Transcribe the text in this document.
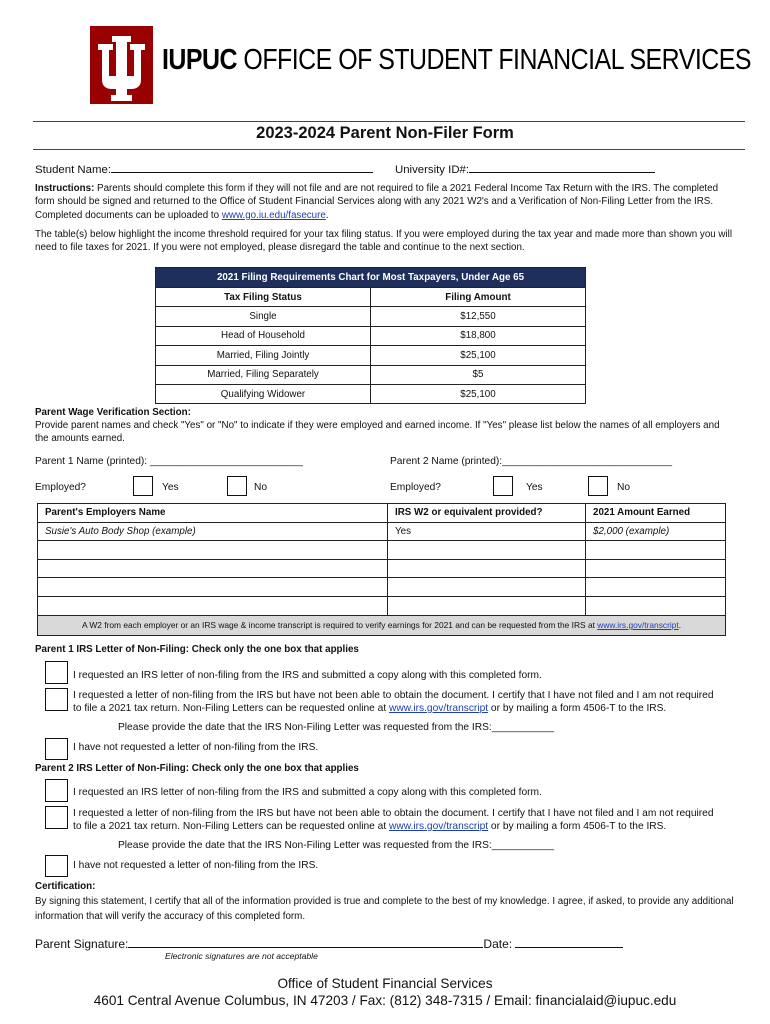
IUPUC OFFICE OF STUDENT FINANCIAL SERVICES
2023-2024 Parent Non-Filer Form
Student Name:	University ID#:
Instructions: Parents should complete this form if they will not file and are not required to file a 2021 Federal Income Tax Return with the IRS. The completed form should be signed and returned to the Office of Student Financial Services along with any 2021 W2's and a Verification of Non-Filing Letter from the IRS. Completed documents can be uploaded to www.go.iu.edu/fasecure.
The table(s) below highlight the income threshold required for your tax filing status. If you were employed during the tax year and made more than shown you will need to file taxes for 2021. If you were not employed, please disregard the table and continue to the next section.
2021 Filing Requirements Chart for Most Taxpayers, Under Age 65	
Tax Filing Status	Filing Amount
Single	$12,550
Head of Household	$18,800
Married, Filing Jointly	$25,100
Married, Filing Separately	$5
Qualifying Widower	$25,100
Parent Wage Verification Section:
Provide parent names and check "Yes" or "No" to indicate if they were employed and earned income. If "Yes" please list below the names of all employers and the amounts earned.
Parent 1 Name (printed): ___________________________	Parent 2 Name (printed):______________________________
Employed?	Yes	No	Employed?	Yes	No
Parent's Employers Name	IRS W2 or equivalent provided?	2021 Amount Earned
Susie's Auto Body Shop (example)	Yes	$2,000 (example)

A W2 from each employer or an IRS wage & income transcript is required to verify earnings for 2021 and can be requested from the IRS at www.irs.gov/transcript.		
Parent 1 IRS Letter of Non-Filing: Check only the one box that applies
I requested an IRS letter of non-filing from the IRS and submitted a copy along with this completed form.
I requested a letter of non-filing from the IRS but have not been able to obtain the document. I certify that I have not filed and I am not required
to file a 2021 tax return. Non-Filing Letters can be requested online at www.irs.gov/transcript or by mailing a form 4506-T to the IRS.
Please provide the date that the IRS Non-Filing Letter was requested from the IRS:___________
I have not requested a letter of non-filing from the IRS.
Parent 2 IRS Letter of Non-Filing: Check only the one box that applies
I requested an IRS letter of non-filing from the IRS and submitted a copy along with this completed form.
I requested a letter of non-filing from the IRS but have not been able to obtain the document. I certify that I have not filed and I am not required
to file a 2021 tax return. Non-Filing Letters can be requested online at www.irs.gov/transcript or by mailing a form 4506-T to the IRS.
Please provide the date that the IRS Non-Filing Letter was requested from the IRS:___________
I have not requested a letter of non-filing from the IRS.
Certification:
By signing this statement, I certify that all of the information provided is true and complete to the best of my knowledge. I agree, if asked, to provide any additional information that will verify the accuracy of this completed form.
Parent Signature:	Date:
Electronic signatures are not acceptable
Office of Student Financial Services
4601 Central Avenue Columbus, IN 47203 / Fax: (812) 348-7315 / Email: financialaid@iupuc.edu
